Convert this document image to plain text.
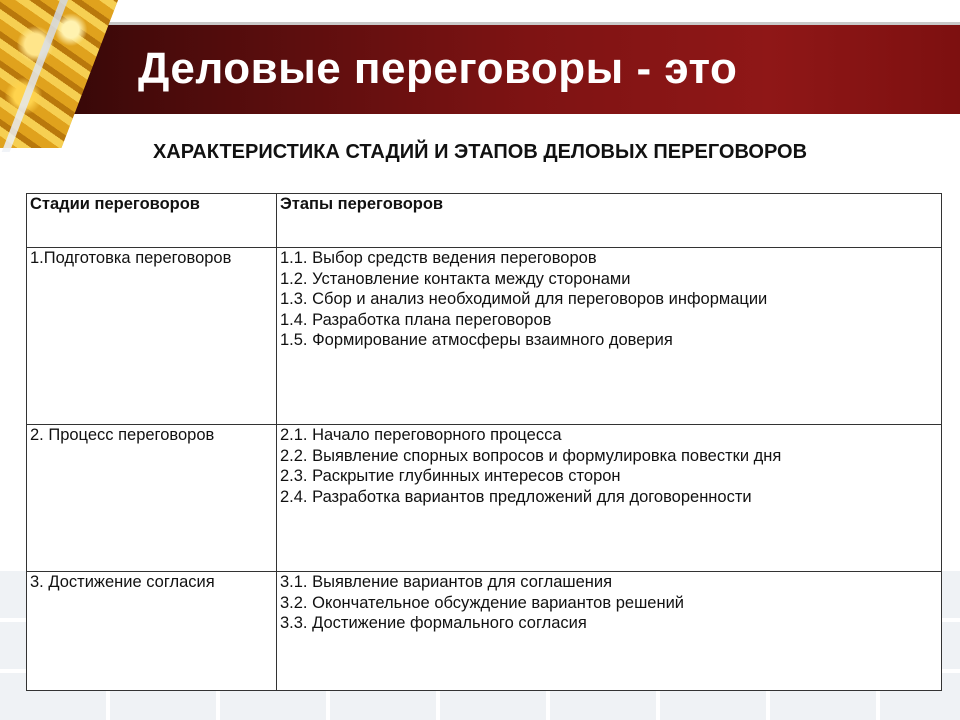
Деловые переговоры - это
ХАРАКТЕРИСТИКА СТАДИЙ И ЭТАПОВ ДЕЛОВЫХ ПЕРЕГОВОРОВ
Стадии переговоров	Этапы переговоров
1.Подготовка переговоров	1.1. Выбор средств ведения переговоров
1.2. Установление контакта между сторонами
1.3. Сбор и анализ необходимой для переговоров информации
1.4. Разработка плана переговоров
1.5. Формирование атмосферы взаимного доверия

2. Процесс переговоров	2.1. Начало переговорного процесса
2.2. Выявление спорных вопросов и формулировка повестки дня
2.3. Раскрытие глубинных интересов сторон
2.4. Разработка вариантов предложений для договоренности

3. Достижение согласия	3.1. Выявление вариантов для соглашения
3.2. Окончательное обсуждение вариантов решений
3.3. Достижение формального согласия
